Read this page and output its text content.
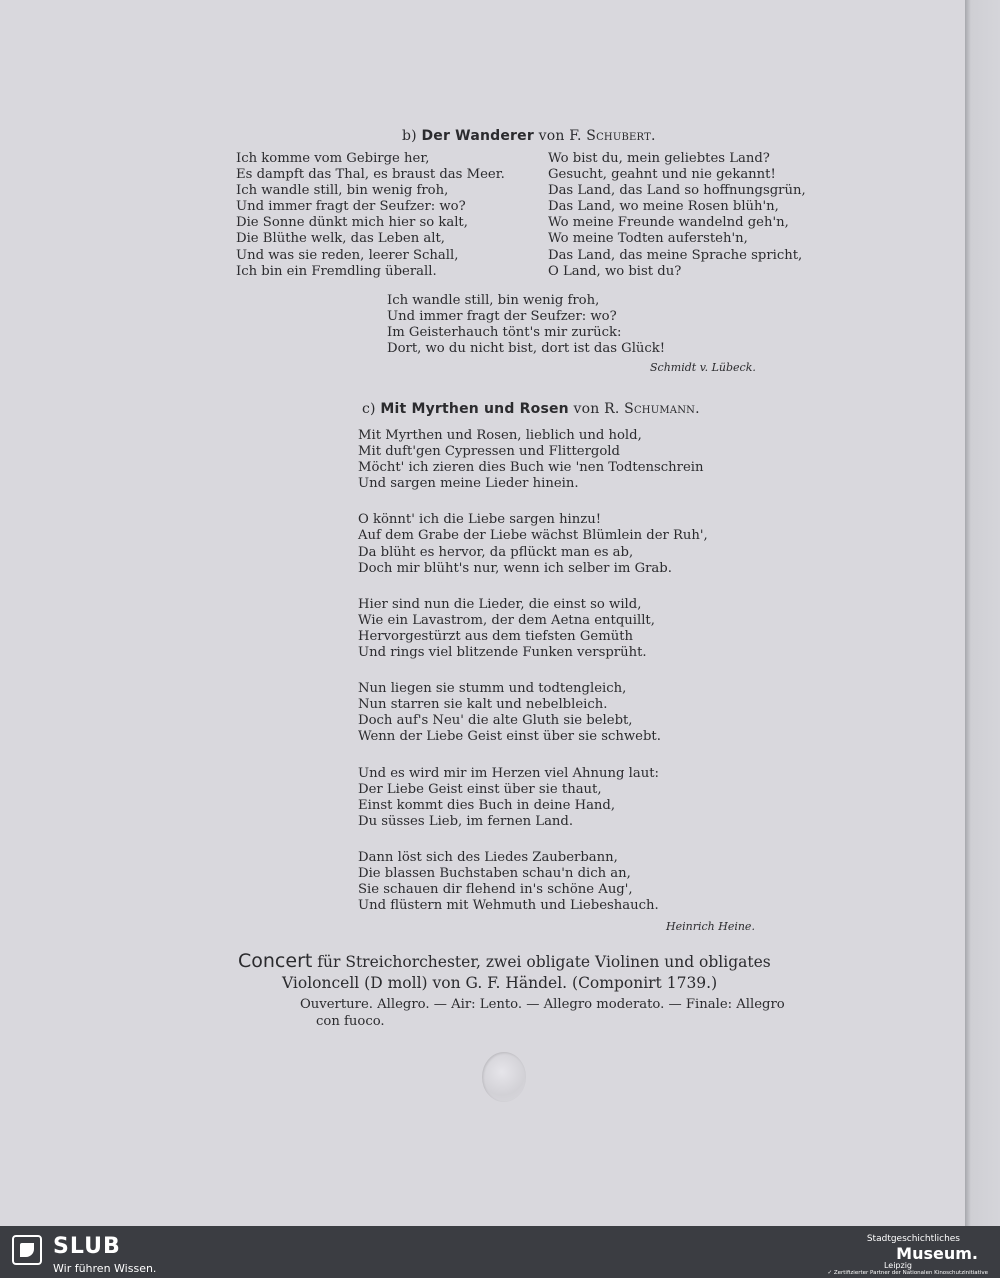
b) Der Wanderer von F. Schubert.
Ich komme vom Gebirge her,
Es dampft das Thal, es braust das Meer.
Ich wandle still, bin wenig froh,
Und immer fragt der Seufzer: wo?
Die Sonne dünkt mich hier so kalt,
Die Blüthe welk, das Leben alt,
Und was sie reden, leerer Schall,
Ich bin ein Fremdling überall.
Wo bist du, mein geliebtes Land?
Gesucht, geahnt und nie gekannt!
Das Land, das Land so hoffnungsgrün,
Das Land, wo meine Rosen blüh'n,
Wo meine Freunde wandelnd geh'n,
Wo meine Todten aufersteh'n,
Das Land, das meine Sprache spricht,
O Land, wo bist du?
Ich wandle still, bin wenig froh,
Und immer fragt der Seufzer: wo?
Im Geisterhauch tönt's mir zurück:
Dort, wo du nicht bist, dort ist das Glück!
Schmidt v. Lübeck.
c) Mit Myrthen und Rosen von R. Schumann.
Mit Myrthen und Rosen, lieblich und hold,
Mit duft'gen Cypressen und Flittergold
Möcht' ich zieren dies Buch wie 'nen Todtenschrein
Und sargen meine Lieder hinein.
O könnt' ich die Liebe sargen hinzu!
Auf dem Grabe der Liebe wächst Blümlein der Ruh',
Da blüht es hervor, da pflückt man es ab,
Doch mir blüht's nur, wenn ich selber im Grab.
Hier sind nun die Lieder, die einst so wild,
Wie ein Lavastrom, der dem Aetna entquillt,
Hervorgestürzt aus dem tiefsten Gemüth
Und rings viel blitzende Funken versprüht.
Nun liegen sie stumm und todtengleich,
Nun starren sie kalt und nebelbleich.
Doch auf's Neu' die alte Gluth sie belebt,
Wenn der Liebe Geist einst über sie schwebt.
Und es wird mir im Herzen viel Ahnung laut:
Der Liebe Geist einst über sie thaut,
Einst kommt dies Buch in deine Hand,
Du süsses Lieb, im fernen Land.
Dann löst sich des Liedes Zauberbann,
Die blassen Buchstaben schau'n dich an,
Sie schauen dir flehend in's schöne Aug',
Und flüstern mit Wehmuth und Liebeshauch.
Heinrich Heine.
Concert für Streichorchester, zwei obligate Violinen und obligates
Violoncell (D moll) von G. F. Händel. (Componirt 1739.)
Ouverture. Allegro. — Air: Lento. — Allegro moderato. — Finale: Allegro
con fuoco.
SLUB
Wir führen Wissen.
Stadtgeschichtliches
Museum.
Leipzig
✓ Zertifizierter Partner der Nationalen Kinoschutzinitiative
